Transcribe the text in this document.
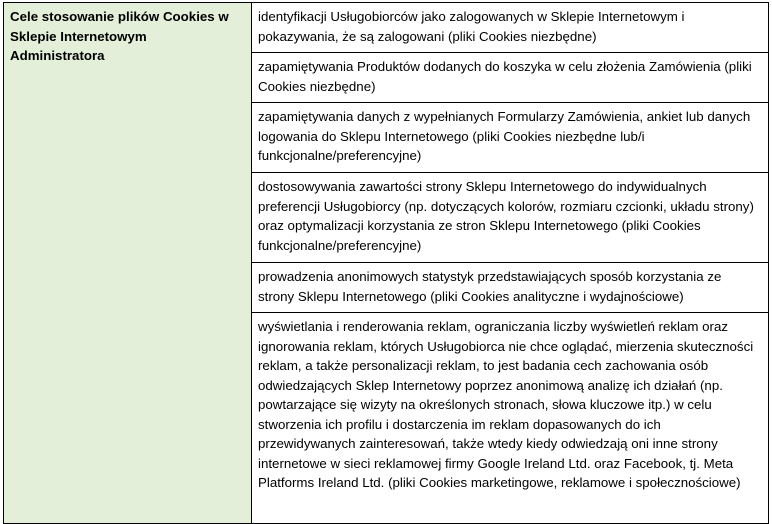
Cele stosowanie plików Cookies w Sklepie Internetowym Administratora	identyfikacji Usługobiorców jako zalogowanych w Sklepie Internetowym i pokazywania, że są zalogowani (pliki Cookies niezbędne)
zapamiętywania Produktów dodanych do koszyka w celu złożenia Zamówienia (pliki Cookies niezbędne)
zapamiętywania danych z wypełnianych Formularzy Zamówienia, ankiet lub danych logowania do Sklepu Internetowego (pliki Cookies niezbędne lub/i funkcjonalne/preferencyjne)
dostosowywania zawartości strony Sklepu Internetowego do indywidualnych preferencji Usługobiorcy (np. dotyczących kolorów, rozmiaru czcionki, układu strony) oraz optymalizacji korzystania ze stron Sklepu Internetowego (pliki Cookies funkcjonalne/preferencyjne)
prowadzenia anonimowych statystyk przedstawiających sposób korzystania ze strony Sklepu Internetowego (pliki Cookies analityczne i wydajnościowe)
wyświetlania i renderowania reklam, ograniczania liczby wyświetleń reklam oraz ignorowania reklam, których Usługobiorca nie chce oglądać, mierzenia skuteczności reklam, a także personalizacji reklam, to jest badania cech zachowania osób odwiedzających Sklep Internetowy poprzez anonimową analizę ich działań (np. powtarzające się wizyty na określonych stronach, słowa kluczowe itp.) w celu stworzenia ich profilu i dostarczenia im reklam dopasowanych do ich przewidywanych zainteresowań, także wtedy kiedy odwiedzają oni inne strony internetowe w sieci reklamowej firmy Google Ireland Ltd. oraz Facebook, tj. Meta Platforms Ireland Ltd. (pliki Cookies marketingowe, reklamowe i społecznościowe)
